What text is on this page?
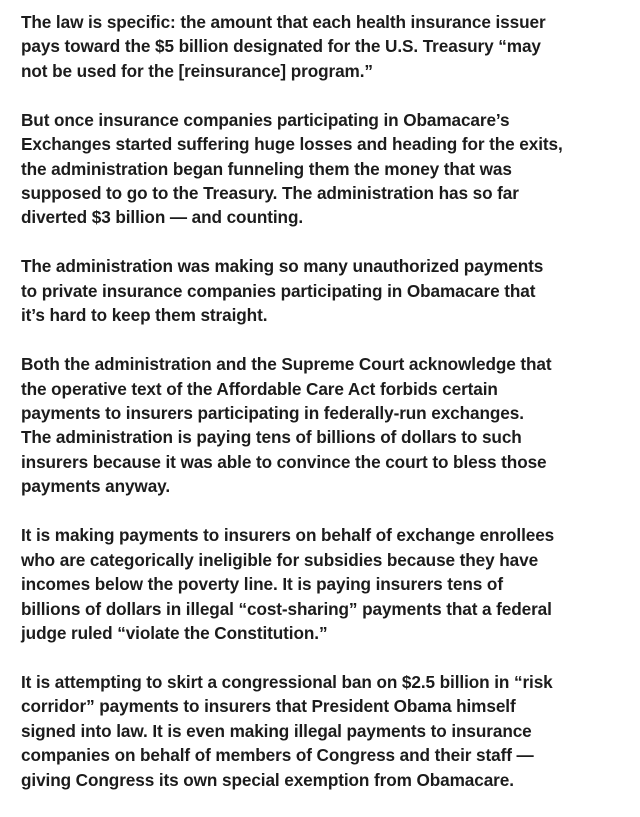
The law is specific: the amount that each health insurance issuer
pays toward the $5 billion designated for the U.S. Treasury “may
not be used for the [reinsurance] program.”

But once insurance companies participating in Obamacare’s
Exchanges started suffering huge losses and heading for the exits,
the administration began funneling them the money that was
supposed to go to the Treasury. The administration has so far
diverted $3 billion — and counting.

The administration was making so many unauthorized payments
to private insurance companies participating in Obamacare that
it’s hard to keep them straight.

Both the administration and the Supreme Court acknowledge that
the operative text of the Affordable Care Act forbids certain
payments to insurers participating in federally-run exchanges.
The administration is paying tens of billions of dollars to such
insurers because it was able to convince the court to bless those
payments anyway.

It is making payments to insurers on behalf of exchange enrollees
who are categorically ineligible for subsidies because they have
incomes below the poverty line. It is paying insurers tens of
billions of dollars in illegal “cost-sharing” payments that a federal
judge ruled “violate the Constitution.”

It is attempting to skirt a congressional ban on $2.5 billion in “risk
corridor” payments to insurers that President Obama himself
signed into law. It is even making illegal payments to insurance
companies on behalf of members of Congress and their staff —
giving Congress its own special exemption from Obamacare.
